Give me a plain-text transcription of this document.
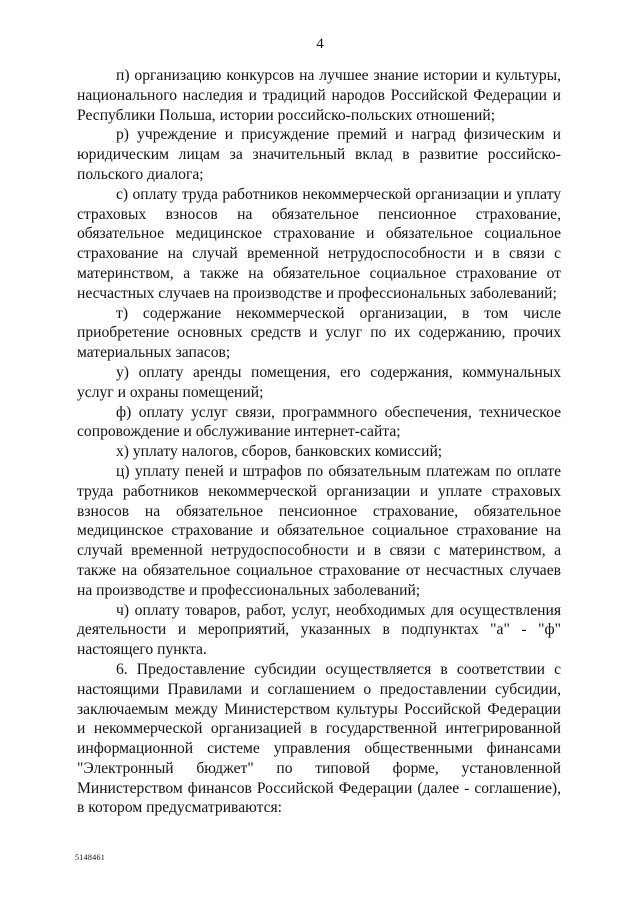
4

п) организацию конкурсов на лучшее знание истории и культуры, национального наследия и традиций народов Российской Федерации и Республики Польша, истории российско-польских отношений;

р) учреждение и присуждение премий и наград физическим и юридическим лицам за значительный вклад в развитие российско-польского диалога;

с) оплату труда работников некоммерческой организации и уплату страховых взносов на обязательное пенсионное страхование, обязательное медицинское страхование и обязательное социальное страхование на случай временной нетрудоспособности и в связи с материнством, а также на обязательное социальное страхование от несчастных случаев на производстве и профессиональных заболеваний;

т) содержание некоммерческой организации, в том числе приобретение основных средств и услуг по их содержанию, прочих материальных запасов;

у) оплату аренды помещения, его содержания, коммунальных услуг и охраны помещений;

ф) оплату услуг связи, программного обеспечения, техническое сопровождение и обслуживание интернет-сайта;

х) уплату налогов, сборов, банковских комиссий;

ц) уплату пеней и штрафов по обязательным платежам по оплате труда работников некоммерческой организации и уплате страховых взносов на обязательное пенсионное страхование, обязательное медицинское страхование и обязательное социальное страхование на случай временной нетрудоспособности и в связи с материнством, а также на обязательное социальное страхование от несчастных случаев на производстве и профессиональных заболеваний;

ч) оплату товаров, работ, услуг, необходимых для осуществления деятельности и мероприятий, указанных в подпунктах "а" - "ф" настоящего пункта.

6. Предоставление субсидии осуществляется в соответствии с настоящими Правилами и соглашением о предоставлении субсидии, заключаемым между Министерством культуры Российской Федерации и некоммерческой организацией в государственной интегрированной информационной системе управления общественными финансами "Электронный бюджет" по типовой форме, установленной Министерством финансов Российской Федерации (далее - соглашение), в котором предусматриваются:

5148461
